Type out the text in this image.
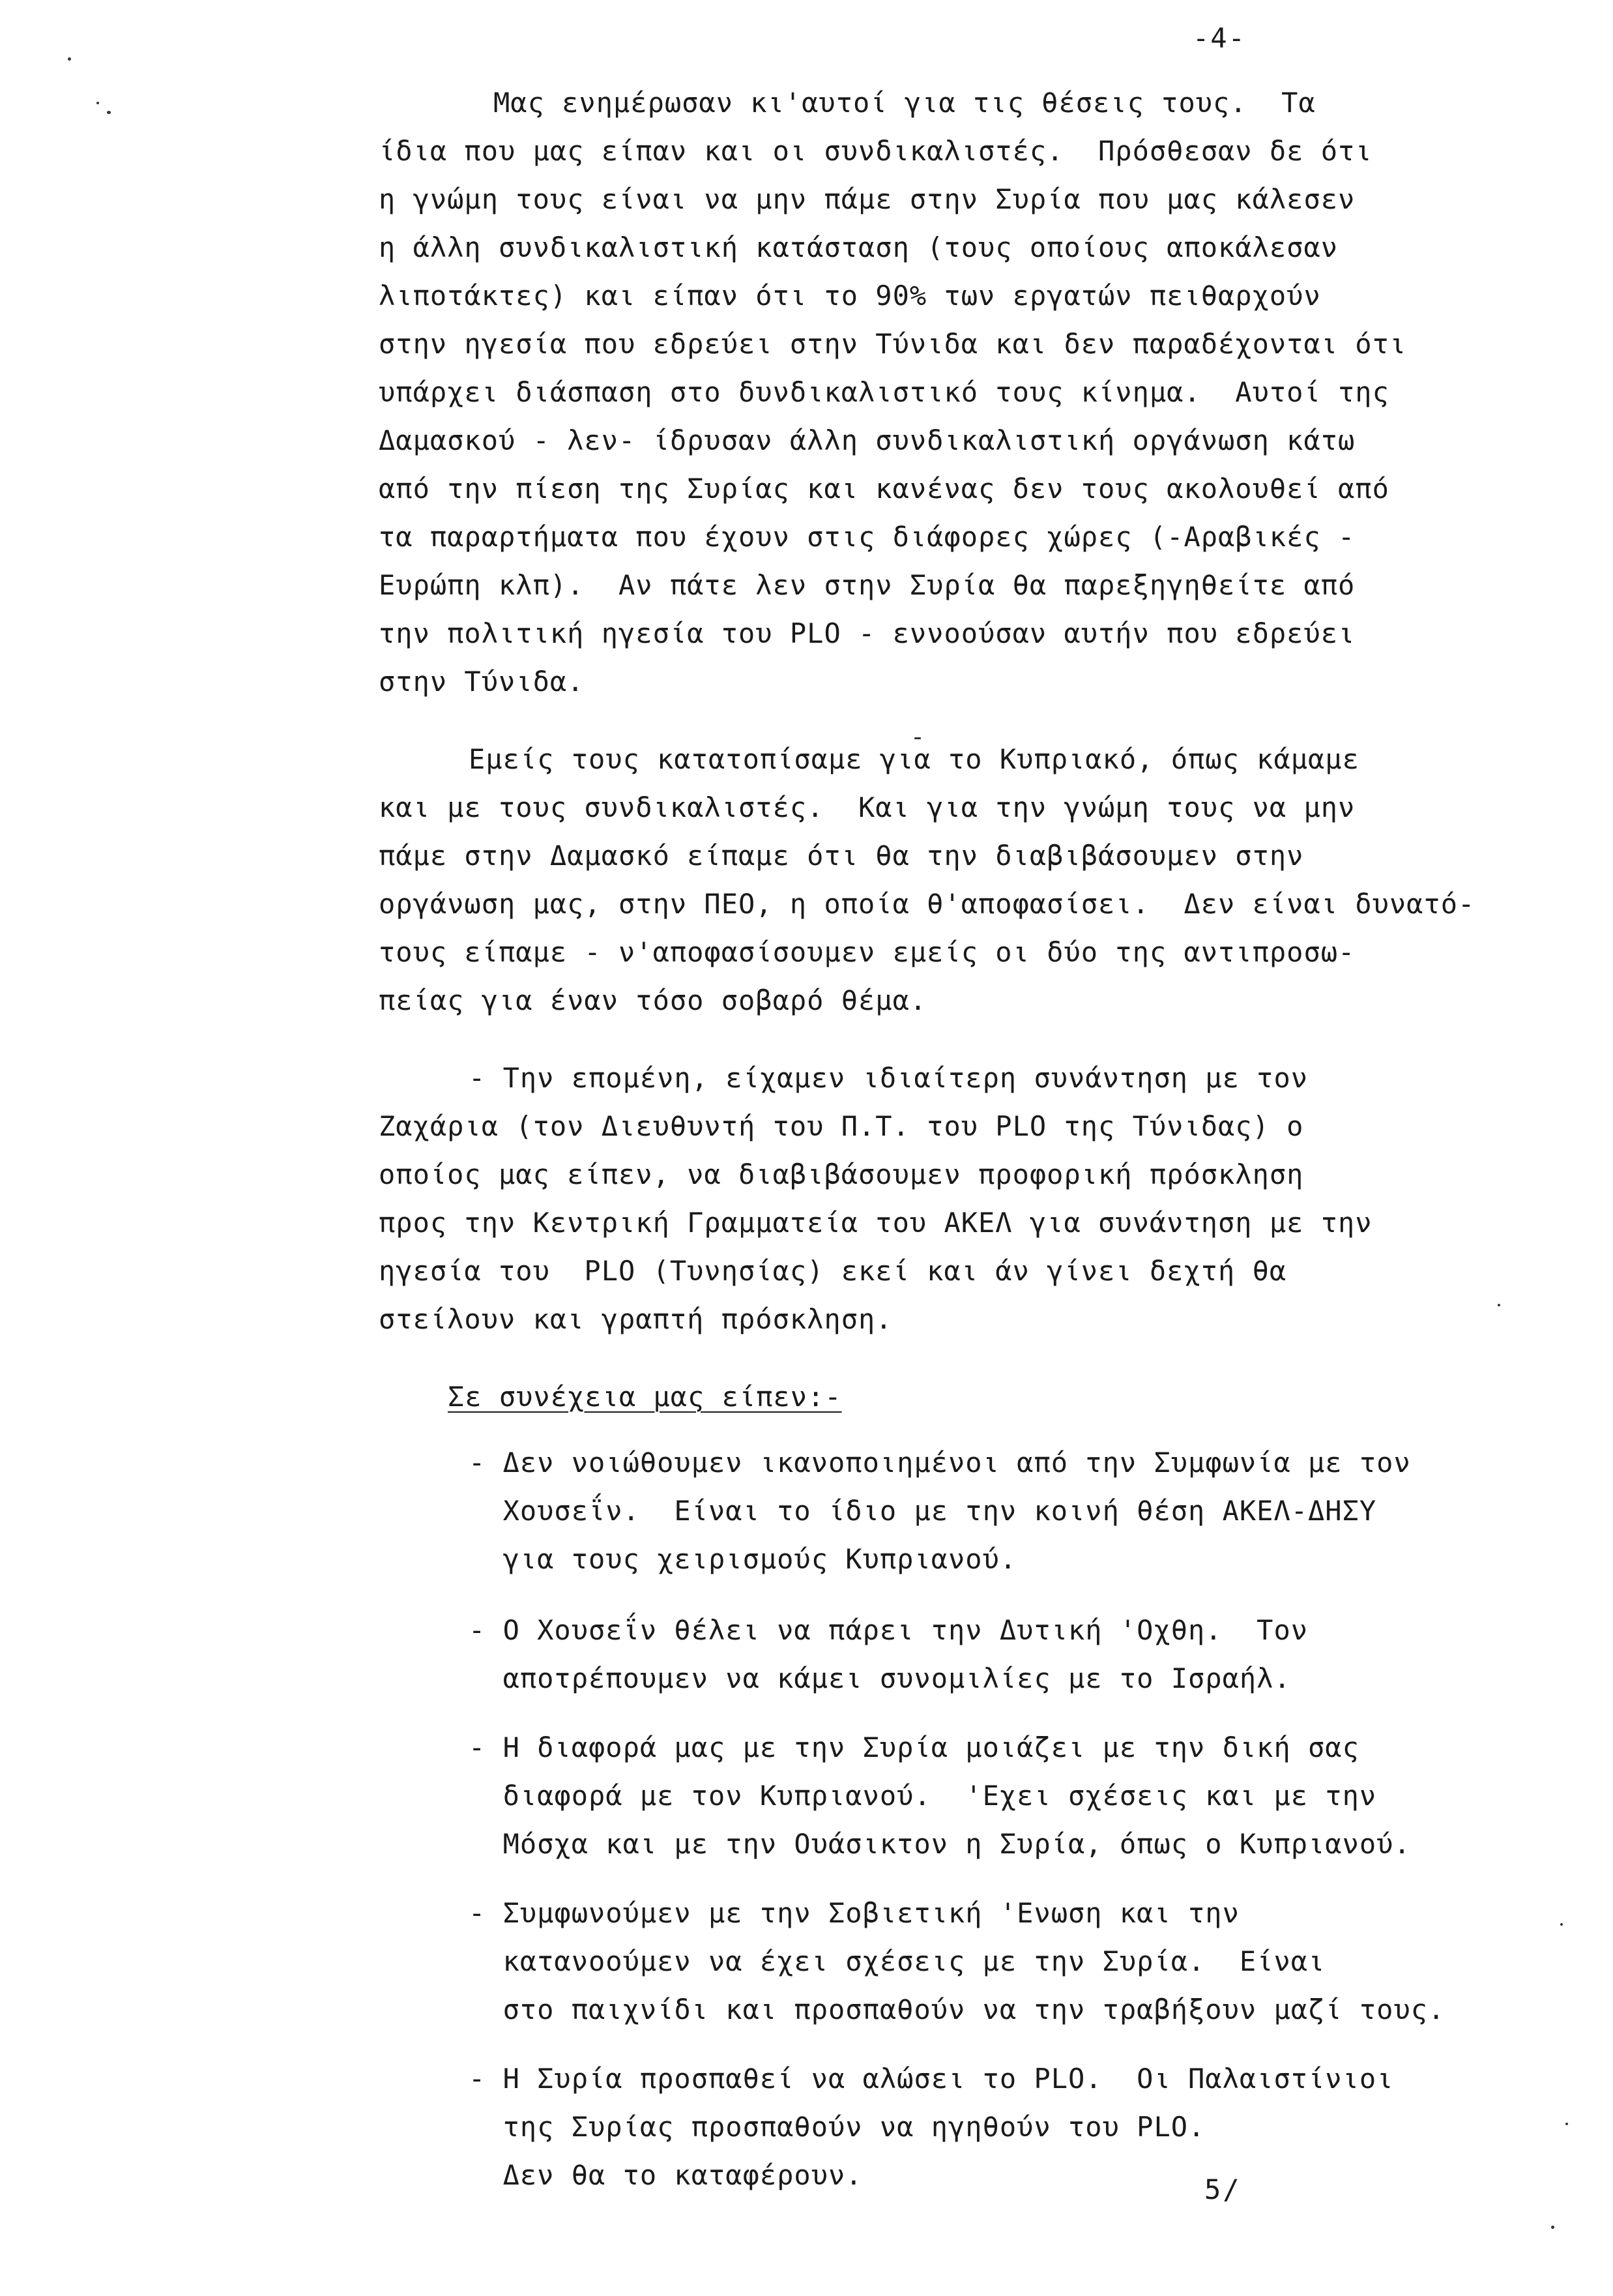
-4-
Μας ενημέρωσαν κι'αυτοί για τις θέσεις τους.  Τα
ίδια που μας είπαν και οι συνδικαλιστές.  Πρόσθεσαν δε ότι
η γνώμη τους είναι να μην πάμε στην Συρία που μας κάλεσεν
η άλλη συνδικαλιστική κατάσταση (τους οποίους αποκάλεσαν
λιποτάκτες) και είπαν ότι το 90% των εργατών πειθαρχούν
στην ηγεσία που εδρεύει στην Τύνιδα και δεν παραδέχονται ότι
υπάρχει διάσπαση στο δυνδικαλιστικό τους κίνημα.  Αυτοί της
Δαμασκού - λεν- ίδρυσαν άλλη συνδικαλιστική οργάνωση κάτω
από την πίεση της Συρίας και κανένας δεν τους ακολουθεί από
τα παραρτήματα που έχουν στις διάφορες χώρες (-Αραβικές -
Ευρώπη κλπ).  Αν πάτε λεν στην Συρία θα παρεξηγηθείτε από
την πολιτική ηγεσία του PLO - εννοούσαν αυτήν που εδρεύει
στην Τύνιδα.
Εμείς τους κατατοπίσαμε για το Κυπριακό, όπως κάμαμε
και με τους συνδικαλιστές.  Και για την γνώμη τους να μην
πάμε στην Δαμασκό είπαμε ότι θα την διαβιβάσουμεν στην
οργάνωση μας, στην ΠΕΟ, η οποία θ'αποφασίσει.  Δεν είναι δυνατό-
τους είπαμε - ν'αποφασίσουμεν εμείς οι δύο της αντιπροσω-
πείας για έναν τόσο σοβαρό θέμα.
- Την επομένη, είχαμεν ιδιαίτερη συνάντηση με τον
Ζαχάρια (τον Διευθυντή του Π.Τ. του PLO της Τύνιδας) ο
οποίος μας είπεν, να διαβιβάσουμεν προφορική πρόσκληση
προς την Κεντρική Γραμματεία του ΑΚΕΛ για συνάντηση με την
ηγεσία του  PLO (Τυνησίας) εκεί και άν γίνει δεχτή θα
στείλουν και γραπτή πρόσκληση.
Σε συνέχεια μας είπεν:-
- Δεν νοιώθουμεν ικανοποιημένοι από την Συμφωνία με τον
Χουσεΐν.  Είναι το ίδιο με την κοινή θέση ΑΚΕΛ-ΔΗΣΥ
για τους χειρισμούς Κυπριανού.
- Ο Χουσεΐν θέλει να πάρει την Δυτική 'Οχθη.  Τον
αποτρέπουμεν να κάμει συνομιλίες με το Ισραήλ.
- Η διαφορά μας με την Συρία μοιάζει με την δική σας
διαφορά με τον Κυπριανού.  'Εχει σχέσεις και με την
Μόσχα και με την Ουάσικτον η Συρία, όπως ο Κυπριανού.
- Συμφωνούμεν με την Σοβιετική 'Ενωση και την
κατανοούμεν να έχει σχέσεις με την Συρία.  Είναι
στο παιχνίδι και προσπαθούν να την τραβήξουν μαζί τους.
- Η Συρία προσπαθεί να αλώσει το PLO.  Οι Παλαιστίνιοι
της Συρίας προσπαθούν να ηγηθούν του PLO.
Δεν θα το καταφέρουν.	5/
